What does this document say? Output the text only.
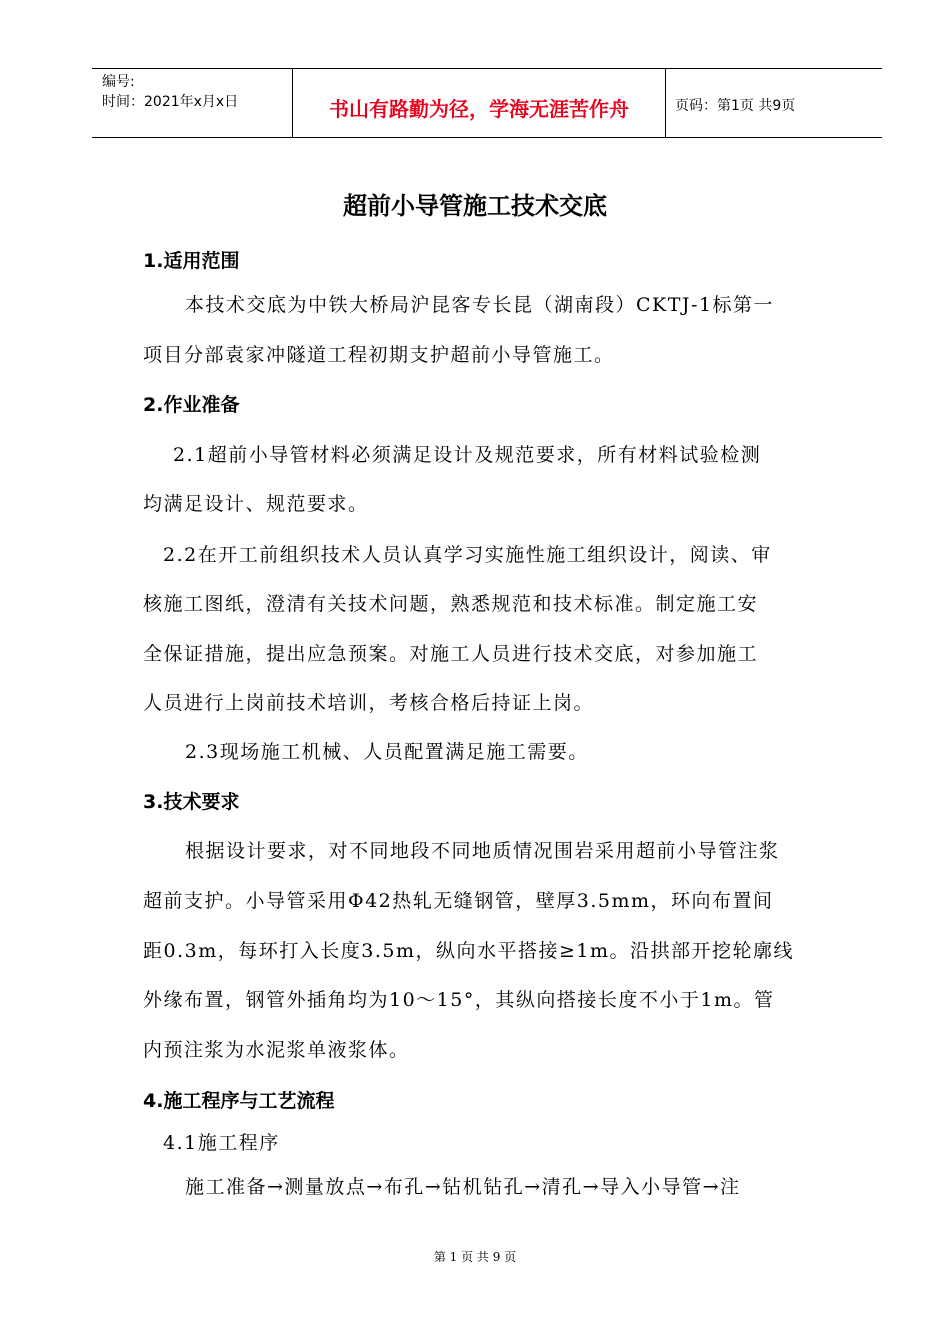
编号:
时间：2021年x月x日	书山有路勤为径，学海无涯苦作舟	页码：第1页 共9页
超前小导管施工技术交底
1.适用范围
本技术交底为中铁大桥局沪昆客专长昆（湖南段）CKTJ-1标第一
项目分部袁家冲隧道工程初期支护超前小导管施工。
2.作业准备
2.1超前小导管材料必须满足设计及规范要求，所有材料试验检测
均满足设计、规范要求。
2.2在开工前组织技术人员认真学习实施性施工组织设计，阅读、审
核施工图纸，澄清有关技术问题，熟悉规范和技术标准。制定施工安
全保证措施，提出应急预案。对施工人员进行技术交底，对参加施工
人员进行上岗前技术培训，考核合格后持证上岗。
2.3现场施工机械、人员配置满足施工需要。
3.技术要求
根据设计要求，对不同地段不同地质情况围岩采用超前小导管注浆
超前支护。小导管采用Φ42热轧无缝钢管，壁厚3.5mm，环向布置间
距0.3m，每环打入长度3.5m，纵向水平搭接≥1m。沿拱部开挖轮廓线
外缘布置，钢管外插角均为10～15°，其纵向搭接长度不小于1m。管
内预注浆为水泥浆单液浆体。
4.施工程序与工艺流程
4.1施工程序
施工准备→测量放点→布孔→钻机钻孔→清孔→导入小导管→注
第 1 页 共 9 页
